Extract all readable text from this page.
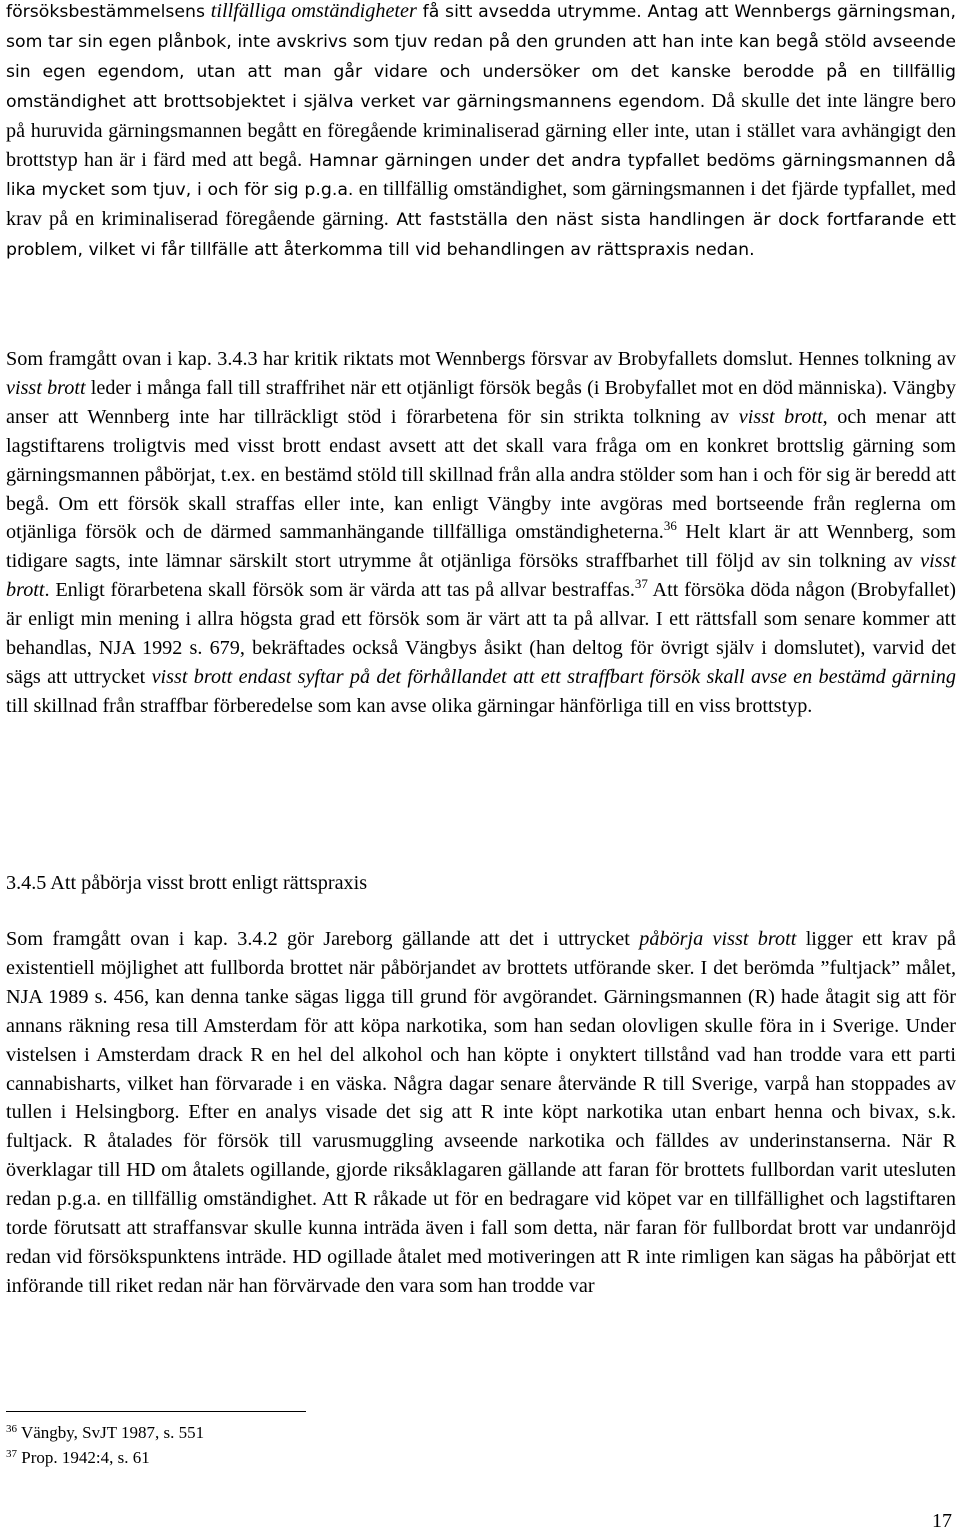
försöksbestämmelsens tillfälliga omständigheter få sitt avsedda utrymme. Antag att Wennbergs gärningsman, som tar sin egen plånbok, inte avskrivs som tjuv redan på den grunden att han inte kan begå stöld avseende sin egen egendom, utan att man går vidare och undersöker om det kanske berodde på en tillfällig omständighet att brottsobjektet i själva verket var gärningsmannens egendom. Då skulle det inte längre bero på huruvida gärningsmannen begått en föregående kriminaliserad gärning eller inte, utan i stället vara avhängigt den brottstyp han är i färd med att begå. Hamnar gärningen under det andra typfallet bedöms gärningsmannen då lika mycket som tjuv, i och för sig p.g.a. en tillfällig omständighet, som gärningsmannen i det fjärde typfallet, med krav på en kriminaliserad föregående gärning. Att fastställa den näst sista handlingen är dock fortfarande ett problem, vilket vi får tillfälle att återkomma till vid behandlingen av rättspraxis nedan.

Som framgått ovan i kap. 3.4.3 har kritik riktats mot Wennbergs försvar av Brobyfallets domslut. Hennes tolkning av visst brott leder i många fall till straffrihet när ett otjänligt försök begås (i Brobyfallet mot en död människa). Vängby anser att Wennberg inte har tillräckligt stöd i förarbetena för sin strikta tolkning av visst brott, och menar att lagstiftarens troligtvis med visst brott endast avsett att det skall vara fråga om en konkret brottslig gärning som gärningsmannen påbörjat, t.ex. en bestämd stöld till skillnad från alla andra stölder som han i och för sig är beredd att begå. Om ett försök skall straffas eller inte, kan enligt Vängby inte avgöras med bortseende från reglerna om otjänliga försök och de därmed sammanhängande tillfälliga omständigheterna.$^{36}$ Helt klart är att Wennberg, som tidigare sagts, inte lämnar särskilt stort utrymme åt otjänliga försöks straffbarhet till följd av sin tolkning av visst brott. Enligt förarbetena skall försök som är värda att tas på allvar bestraffas.$^{37}$ Att försöka döda någon (Brobyfallet) är enligt min mening i allra högsta grad ett försök som är värt att ta på allvar. I ett rättsfall som senare kommer att behandlas, NJA 1992 s. 679, bekräftades också Vängbys åsikt (han deltog för övrigt själv i domslutet), varvid det sägs att uttrycket visst brott endast syftar på det förhållandet att ett straffbart försök skall avse en bestämd gärning till skillnad från straffbar förberedelse som kan avse olika gärningar hänförliga till en viss brottstyp.

3.4.5 Att påbörja visst brott enligt rättspraxis

Som framgått ovan i kap. 3.4.2 gör Jareborg gällande att det i uttrycket påbörja visst brott ligger ett krav på existentiell möjlighet att fullborda brottet när påbörjandet av brottets utförande sker. I det berömda ”fultjack” målet, NJA 1989 s. 456, kan denna tanke sägas ligga till grund för avgörandet. Gärningsmannen (R) hade åtagit sig att för annans räkning resa till Amsterdam för att köpa narkotika, som han sedan olovligen skulle föra in i Sverige. Under vistelsen i Amsterdam drack R en hel del alkohol och han köpte i onyktert tillstånd vad han trodde vara ett parti cannabisharts, vilket han förvarade i en väska. Några dagar senare återvände R till Sverige, varpå han stoppades av tullen i Helsingborg. Efter en analys visade det sig att R inte köpt narkotika utan enbart henna och bivax, s.k. fultjack. R åtalades för försök till varusmuggling avseende narkotika och fälldes av underinstanserna. När R överklagar till HD om åtalets ogillande, gjorde riksåklagaren gällande att faran för brottets fullbordan varit utesluten redan p.g.a. en tillfällig omständighet. Att R råkade ut för en bedragare vid köpet var en tillfällighet och lagstiftaren torde förutsatt att straffansvar skulle kunna inträda även i fall som detta, när faran för fullbordat brott var undanröjd redan vid försökspunktens inträde. HD ogillade åtalet med motiveringen att R inte rimligen kan sägas ha påbörjat ett införande till riket redan när han förvärvade den vara som han trodde var

$^{36}$ Vängby, SvJT 1987, s. 551

$^{37}$ Prop. 1942:4, s. 61

17
